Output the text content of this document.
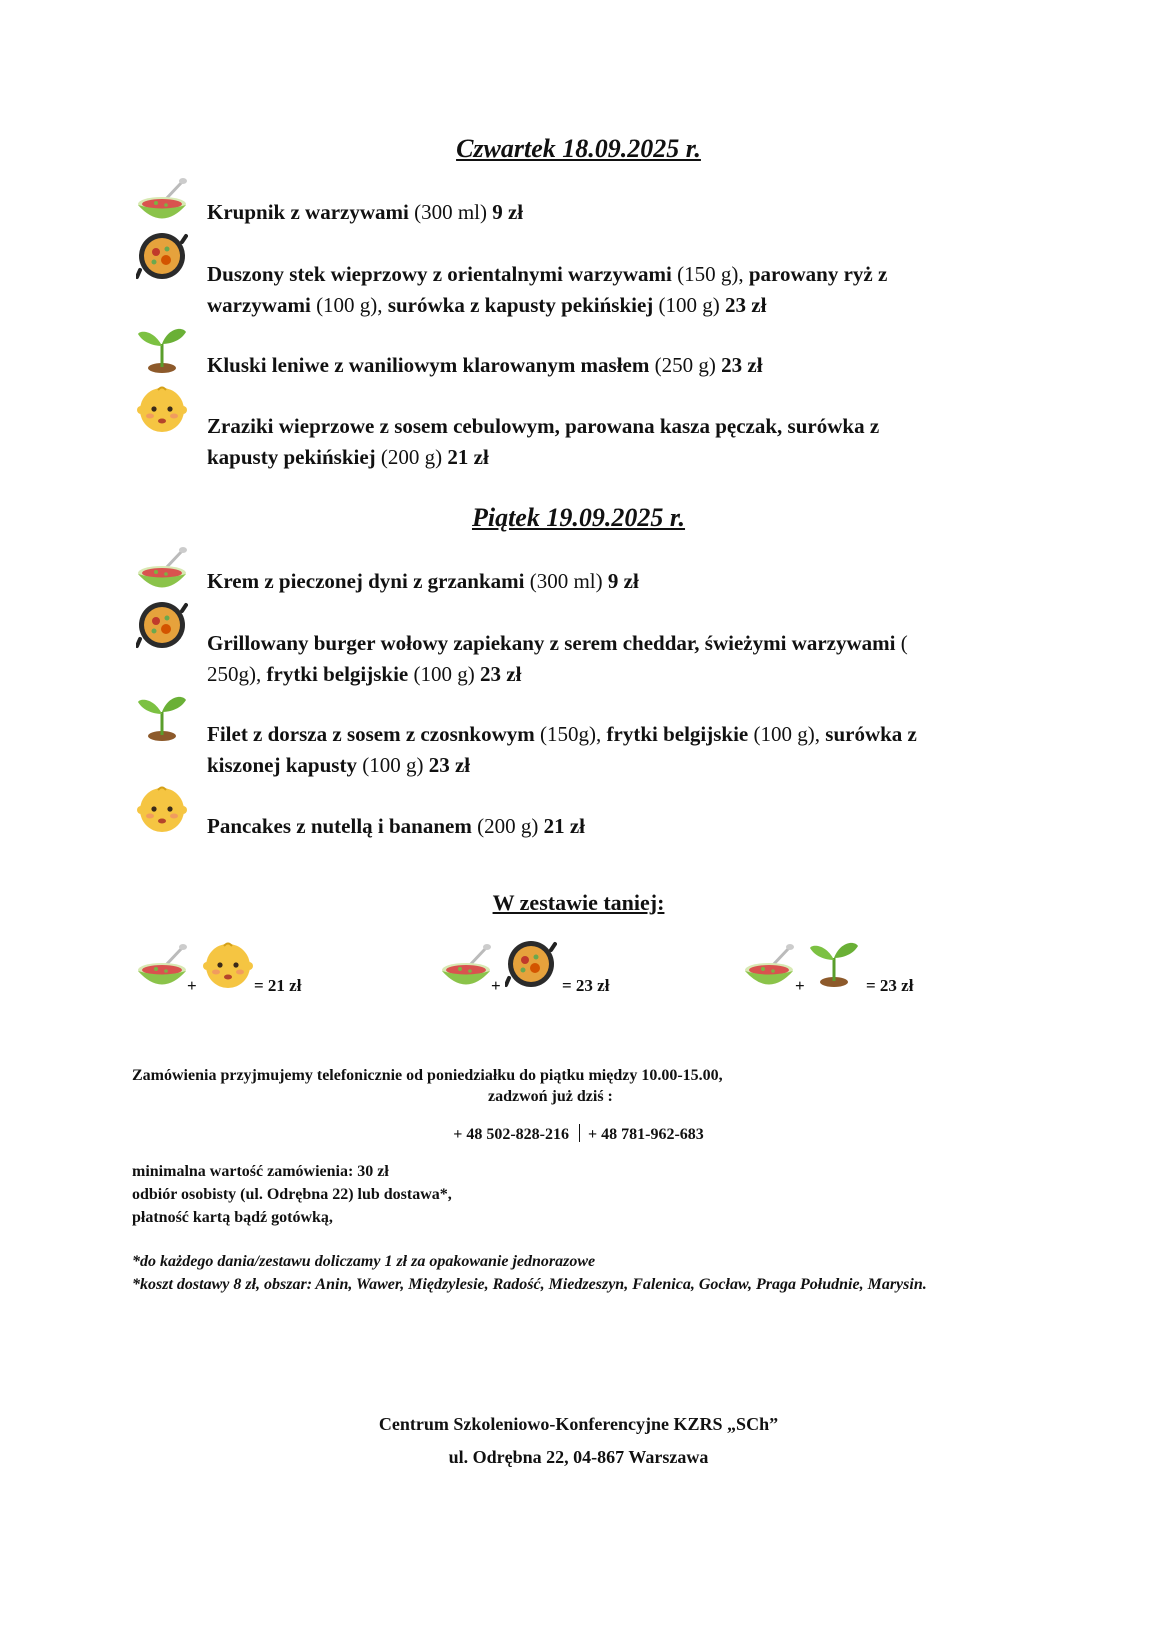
Czwartek 18.09.2025 r.
Krupnik z warzywami (300 ml) 9 zł
Duszony stek wieprzowy z orientalnymi warzywami (150 g), parowany ryż z
warzywami (100 g), surówka z kapusty pekińskiej (100 g) 23 zł
Kluski leniwe z waniliowym klarowanym masłem (250 g) 23 zł
Zraziki wieprzowe z sosem cebulowym, parowana kasza pęczak, surówka z
kapusty pekińskiej (200 g) 21 zł
Piątek 19.09.2025 r.
Krem z pieczonej dyni z grzankami (300 ml) 9 zł
Grillowany burger wołowy zapiekany z serem cheddar, świeżymi warzywami (
250g), frytki belgijskie (100 g) 23 zł
Filet z dorsza z sosem z czosnkowym (150g), frytki belgijskie (100 g), surówka z
kiszonej kapusty (100 g) 23 zł
Pancakes z nutellą i bananem (200 g) 21 zł
W zestawie taniej:
+	= 21 zł	+	= 23 zł	+	= 23 zł
Zamówienia przyjmujemy telefonicznie od poniedziałku do piątku między 10.00-15.00,
zadzwoń już dziś :
+ 48 502-828-216 + 48 781-962-683
minimalna wartość zamówienia: 30 zł
odbiór osobisty (ul. Odrębna 22) lub dostawa*,
płatność kartą bądź gotówką,
*do każdego dania/zestawu doliczamy 1 zł za opakowanie jednorazowe
*koszt dostawy 8 zł, obszar: Anin, Wawer, Międzylesie, Radość, Miedzeszyn, Falenica, Gocław, Praga Południe, Marysin.
Centrum Szkoleniowo-Konferencyjne KZRS „SCh”
ul. Odrębna 22, 04-867 Warszawa
